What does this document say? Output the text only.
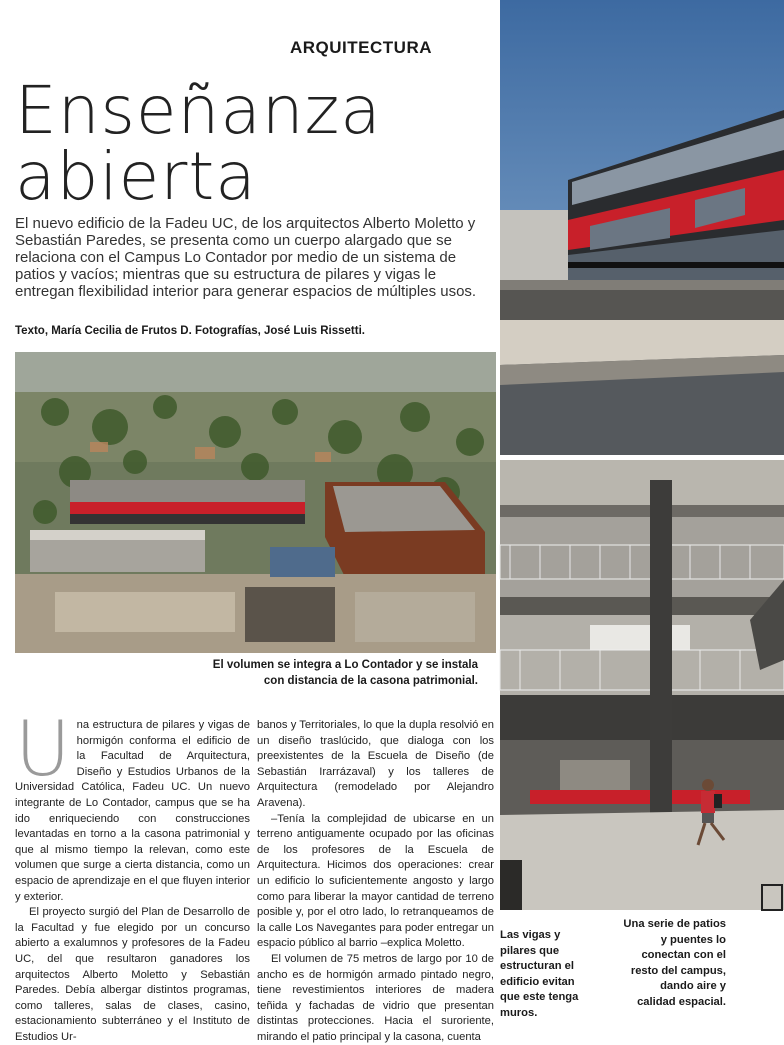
ARQUITECTURA
Enseñanza
abierta

El nuevo edificio de la Fadeu UC, de los arquitectos Alberto Moletto y Sebastián Paredes, se presenta como un cuerpo alargado que se relaciona con el Campus Lo Contador por medio de un sistema de patios y vacíos; mientras que su estructura de pilares y vigas le entregan flexibilidad interior para generar espacios de múltiples usos.

Texto, María Cecilia de Frutos D. Fotografías, José Luis Rissetti.

El volumen se integra a Lo Contador y se instala con distancia de la casona patrimonial.

Una estructura de pilares y vigas de hormigón conforma el edificio de la Facultad de Arquitectura, Diseño y Estudios Urbanos de la Universidad Católica, Fadeu UC. Un nuevo integrante de Lo Contador, campus que se ha ido enriqueciendo con construcciones levantadas en torno a la casona patrimonial y que al mismo tiempo la relevan, como este volumen que surge a cierta distancia, como un espacio de aprendizaje en el que fluyen interior y exterior.

El proyecto surgió del Plan de Desarrollo de la Facultad y fue elegido por un concurso abierto a exalumnos y profesores de la Fadeu UC, del que resultaron ganadores los arquitectos Alberto Moletto y Sebastián Paredes. Debía albergar distintos programas, como talleres, salas de clases, casino, estacionamiento subterráneo y el Instituto de Estudios Ur-

banos y Territoriales, lo que la dupla resolvió en un diseño traslúcido, que dialoga con los preexistentes de la Escuela de Diseño (de Sebastián Irarrázaval) y los talleres de Arquitectura (remodelado por Alejandro Aravena).

–Tenía la complejidad de ubicarse en un terreno antiguamente ocupado por las oficinas de los profesores de la Escuela de Arquitectura. Hicimos dos operaciones: crear un edificio lo suficientemente angosto y largo como para liberar la mayor cantidad de terreno posible y, por el otro lado, lo retranqueamos de la calle Los Navegantes para poder entregar un espacio público al barrio –explica Moletto.

El volumen de 75 metros de largo por 10 de ancho es de hormigón armado pintado negro, tiene revestimientos interiores de madera teñida y fachadas de vidrio que presentan distintas protecciones. Hacia el suroriente, mirando el patio principal y la casona, cuenta

Las vigas y pilares que estructuran el edificio evitan que este tenga muros.

Una serie de patios y puentes lo conectan con el resto del campus, dando aire y calidad espacial.
